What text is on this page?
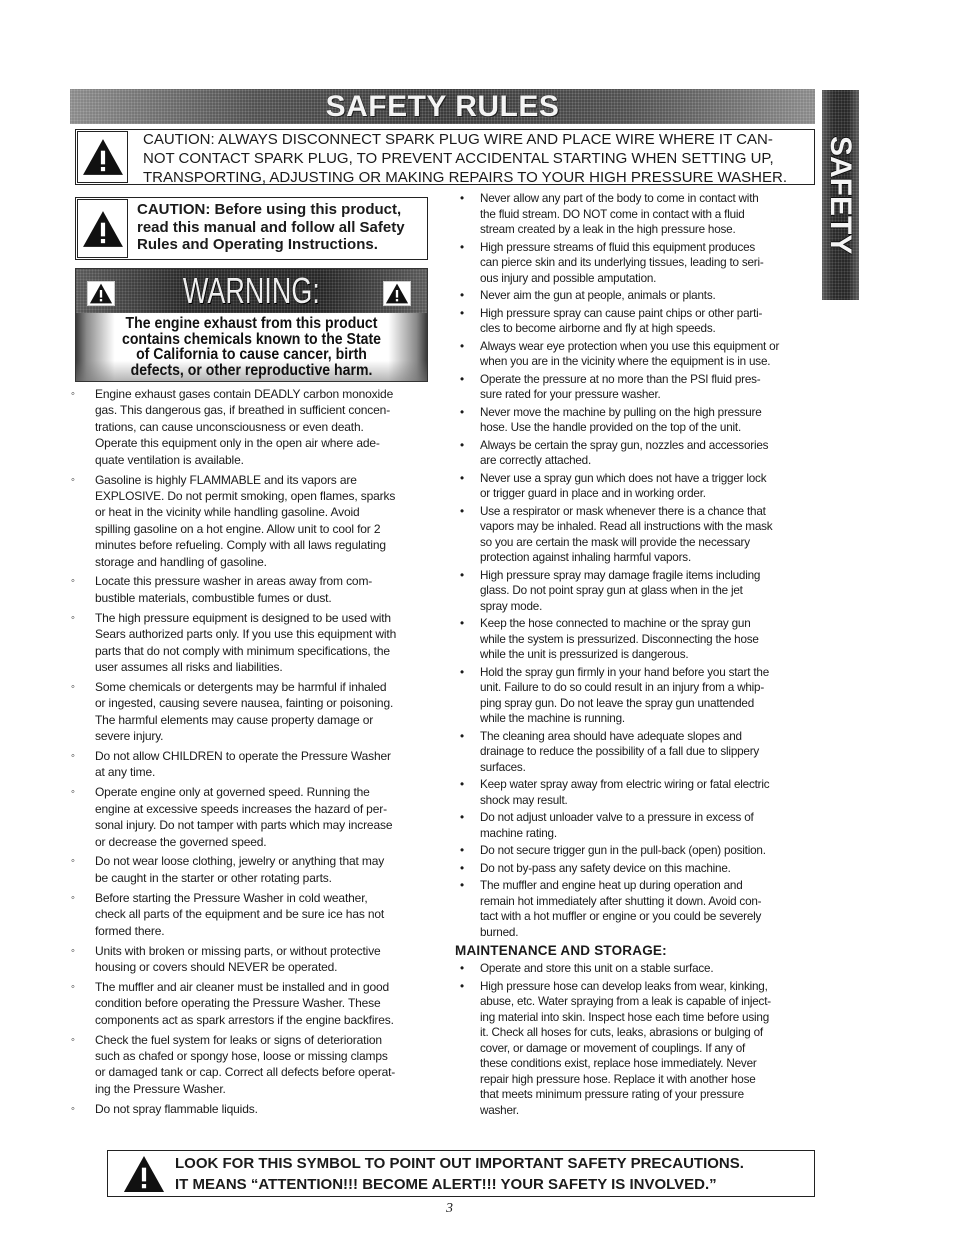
SAFETY RULES
SAFETY
CAUTION: ALWAYS DISCONNECT SPARK PLUG WIRE AND PLACE WIRE WHERE IT CAN-
NOT CONTACT SPARK PLUG, TO PREVENT ACCIDENTAL STARTING WHEN SETTING UP,
TRANSPORTING, ADJUSTING OR MAKING REPAIRS TO YOUR HIGH PRESSURE WASHER.
CAUTION: Before using this product,
read this manual and follow all Safety
Rules and Operating Instructions.
WARNING:
The engine exhaust from this product
contains chemicals known to the State
of California to cause cancer, birth
defects, or other reproductive harm.
◦ Engine exhaust gases contain DEADLY carbon monoxide
gas. This dangerous gas, if breathed in sufficient concen-
trations, can cause unconsciousness or even death.
Operate this equipment only in the open air where ade-
quate ventilation is available.
◦ Gasoline is highly FLAMMABLE and its vapors are
EXPLOSIVE. Do not permit smoking, open flames, sparks
or heat in the vicinity while handling gasoline. Avoid
spilling gasoline on a hot engine. Allow unit to cool for 2
minutes before refueling. Comply with all laws regulating
storage and handling of gasoline.
◦ Locate this pressure washer in areas away from com-
bustible materials, combustible fumes or dust.
◦ The high pressure equipment is designed to be used with
Sears authorized parts only. If you use this equipment with
parts that do not comply with minimum specifications, the
user assumes all risks and liabilities.
◦ Some chemicals or detergents may be harmful if inhaled
or ingested, causing severe nausea, fainting or poisoning.
The harmful elements may cause property damage or
severe injury.
◦ Do not allow CHILDREN to operate the Pressure Washer
at any time.
◦ Operate engine only at governed speed. Running the
engine at excessive speeds increases the hazard of per-
sonal injury. Do not tamper with parts which may increase
or decrease the governed speed.
◦ Do not wear loose clothing, jewelry or anything that may
be caught in the starter or other rotating parts.
◦ Before starting the Pressure Washer in cold weather,
check all parts of the equipment and be sure ice has not
formed there.
◦ Units with broken or missing parts, or without protective
housing or covers should NEVER be operated.
◦ The muffler and air cleaner must be installed and in good
condition before operating the Pressure Washer. These
components act as spark arrestors if the engine backfires.
◦ Check the fuel system for leaks or signs of deterioration
such as chafed or spongy hose, loose or missing clamps
or damaged tank or cap. Correct all defects before operat-
ing the Pressure Washer.
◦ Do not spray flammable liquids.
• Never allow any part of the body to come in contact with
the fluid stream. DO NOT come in contact with a fluid
stream created by a leak in the high pressure hose.
• High pressure streams of fluid this equipment produces
can pierce skin and its underlying tissues, leading to seri-
ous injury and possible amputation.
• Never aim the gun at people, animals or plants.
• High pressure spray can cause paint chips or other parti-
cles to become airborne and fly at high speeds.
• Always wear eye protection when you use this equipment or
when you are in the vicinity where the equipment is in use.
• Operate the pressure at no more than the PSI fluid pres-
sure rated for your pressure washer.
• Never move the machine by pulling on the high pressure
hose. Use the handle provided on the top of the unit.
• Always be certain the spray gun, nozzles and accessories
are correctly attached.
• Never use a spray gun which does not have a trigger lock
or trigger guard in place and in working order.
• Use a respirator or mask whenever there is a chance that
vapors may be inhaled. Read all instructions with the mask
so you are certain the mask will provide the necessary
protection against inhaling harmful vapors.
• High pressure spray may damage fragile items including
glass. Do not point spray gun at glass when in the jet
spray mode.
• Keep the hose connected to machine or the spray gun
while the system is pressurized. Disconnecting the hose
while the unit is pressurized is dangerous.
• Hold the spray gun firmly in your hand before you start the
unit. Failure to do so could result in an injury from a whip-
ping spray gun. Do not leave the spray gun unattended
while the machine is running.
• The cleaning area should have adequate slopes and
drainage to reduce the possibility of a fall due to slippery
surfaces.
• Keep water spray away from electric wiring or fatal electric
shock may result.
• Do not adjust unloader valve to a pressure in excess of
machine rating.
• Do not secure trigger gun in the pull-back (open) position.
• Do not by-pass any safety device on this machine.
• The muffler and engine heat up during operation and
remain hot immediately after shutting it down. Avoid con-
tact with a hot muffler or engine or you could be severely
burned.
MAINTENANCE AND STORAGE:
• Operate and store this unit on a stable surface.
• High pressure hose can develop leaks from wear, kinking,
abuse, etc. Water spraying from a leak is capable of inject-
ing material into skin. Inspect hose each time before using
it. Check all hoses for cuts, leaks, abrasions or bulging of
cover, or damage or movement of couplings. If any of
these conditions exist, replace hose immediately. Never
repair high pressure hose. Replace it with another hose
that meets minimum pressure rating of your pressure
washer.
LOOK FOR THIS SYMBOL TO POINT OUT IMPORTANT SAFETY PRECAUTIONS.
IT MEANS “ATTENTION!!! BECOME ALERT!!! YOUR SAFETY IS INVOLVED.”
3
